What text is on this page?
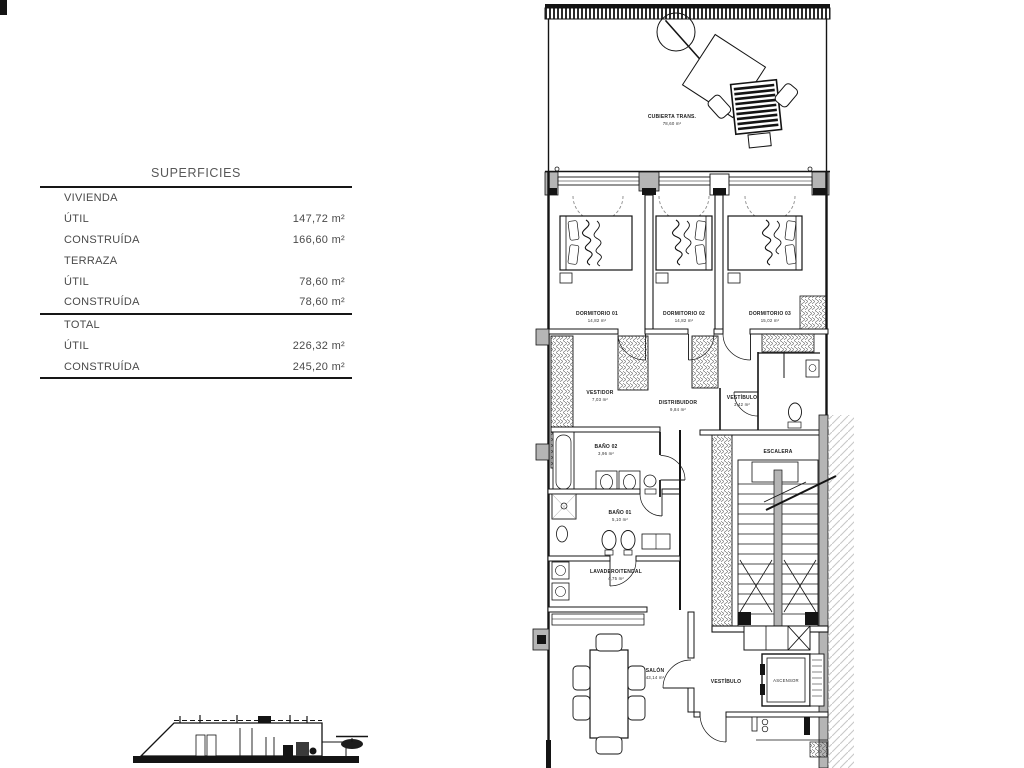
SUPERFICIES
VIVIENDA
ÚTIL	147,72 m²
CONSTRUÍDA	166,60 m²
TERRAZA
ÚTIL	78,60 m²
CONSTRUÍDA	78,60 m²
TOTAL
ÚTIL	226,32 m²
CONSTRUÍDA	245,20 m²
CUBIERTA TRANS.
78,60 m²
DORMITORIO 01
14,82 m²
DORMITORIO 02
14,82 m²
DORMITORIO 03
15,02 m²
VESTIDOR
7,03 m²
DISTRIBUIDOR
9,84 m²
VESTÍBULO
3,42 m²
BAÑO 02
3,96 m²
BAÑO 01
5,10 m²
LAVADERO/TENDAL
4,75 m²
ESCALERA
SALÓN
43,14 m²
VESTÍBULO	ASCENSOR
